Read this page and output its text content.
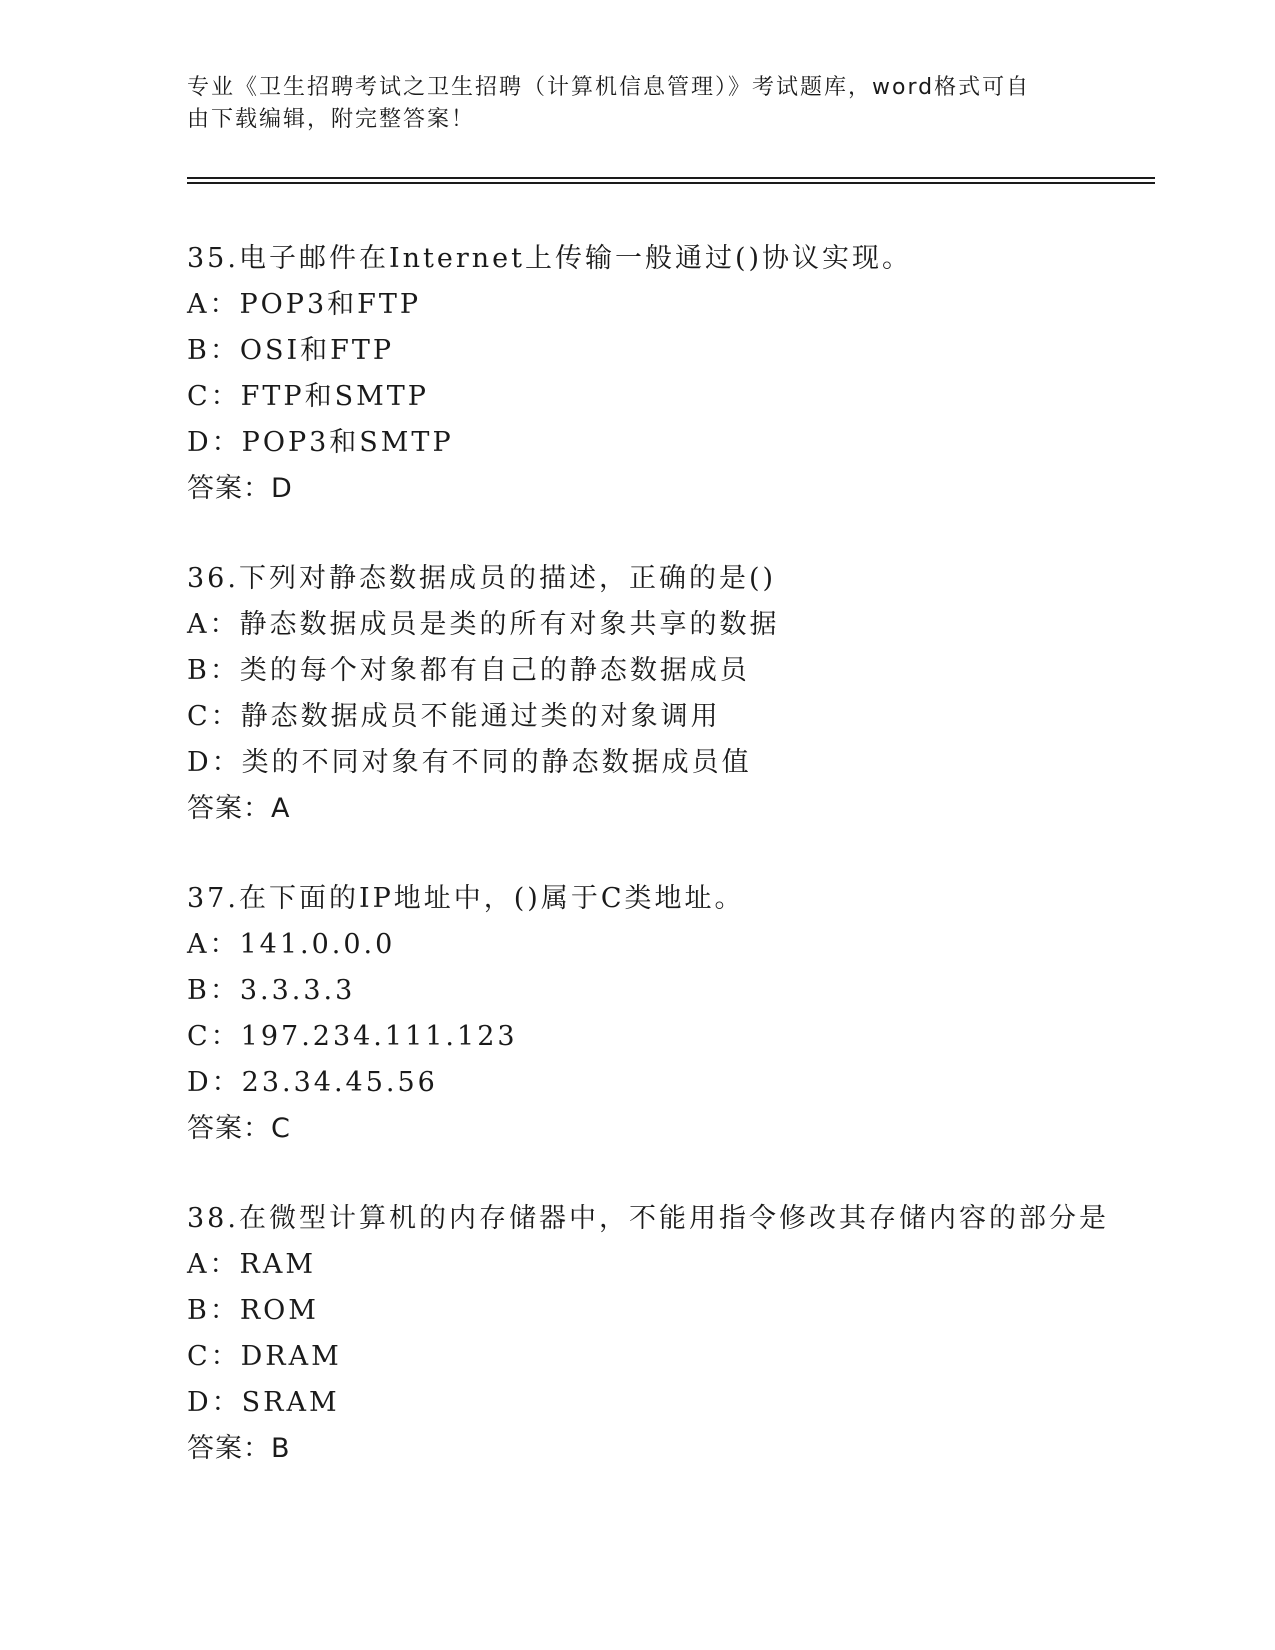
专业《卫生招聘考试之卫生招聘（计算机信息管理）》考试题库，word格式可自
由下载编辑，附完整答案！
35.电子邮件在Internet上传输一般通过()协议实现。
A：POP3和FTP
B：OSI和FTP
C：FTP和SMTP
D：POP3和SMTP
答案：D
36.下列对静态数据成员的描述，正确的是()
A：静态数据成员是类的所有对象共享的数据
B：类的每个对象都有自己的静态数据成员
C：静态数据成员不能通过类的对象调用
D：类的不同对象有不同的静态数据成员值
答案：A
37.在下面的IP地址中，()属于C类地址。
A：141.0.0.0
B：3.3.3.3
C：197.234.111.123
D：23.34.45.56
答案：C
38.在微型计算机的内存储器中，不能用指令修改其存储内容的部分是
A：RAM
B：ROM
C：DRAM
D：SRAM
答案：B
